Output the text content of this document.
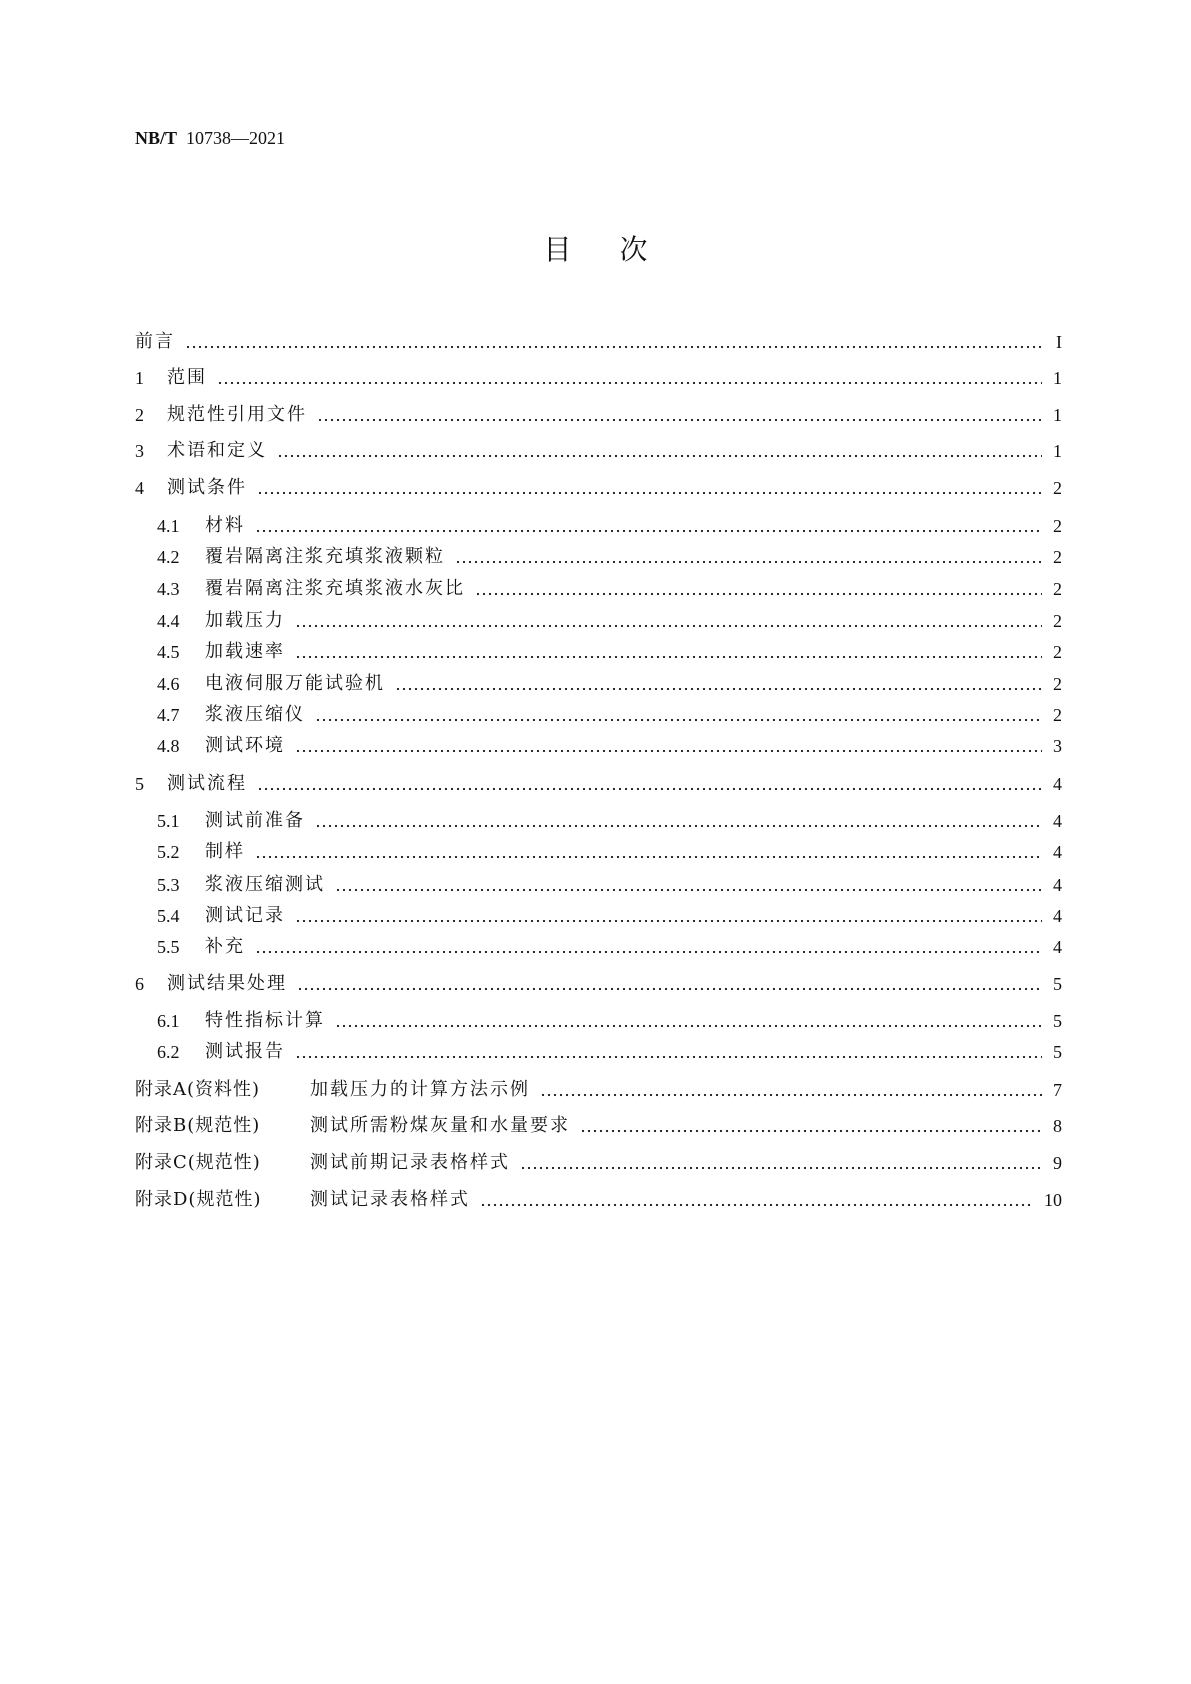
NB/T 10738—2021
目次
前言	I
1	范围	1
2	规范性引用文件	1
3	术语和定义	1
4	测试条件	2
4.1	材料	2
4.2	覆岩隔离注浆充填浆液颗粒	2
4.3	覆岩隔离注浆充填浆液水灰比	2
4.4	加载压力	2
4.5	加载速率	2
4.6	电液伺服万能试验机	2
4.7	浆液压缩仪	2
4.8	测试环境	3
5	测试流程	4
5.1	测试前准备	4
5.2	制样	4
5.3	浆液压缩测试	4
5.4	测试记录	4
5.5	补充	4
6	测试结果处理	5
6.1	特性指标计算	5
6.2	测试报告	5
附录A(资料性)	加载压力的计算方法示例	7
附录B(规范性)	测试所需粉煤灰量和水量要求	8
附录C(规范性)	测试前期记录表格样式	9
附录D(规范性)	测试记录表格样式	10
